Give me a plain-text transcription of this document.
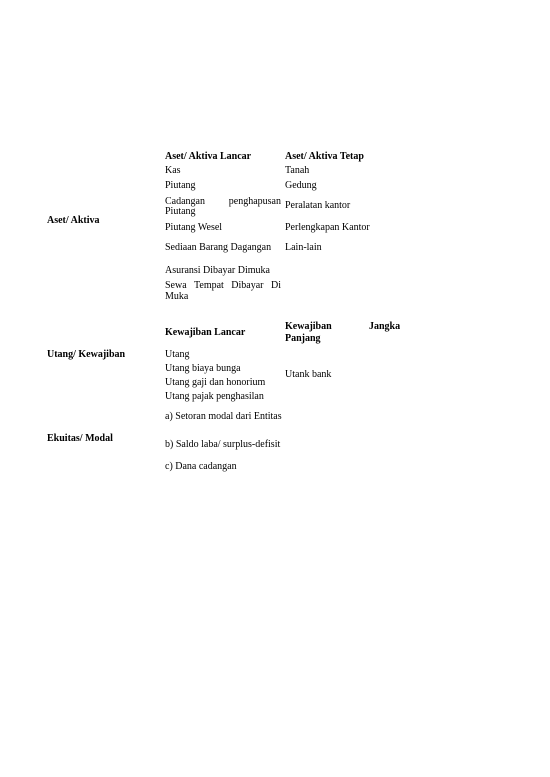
Aset/ Aktiva
Aset/ Aktiva Lancar	Aset/ Aktiva Tetap
Kas
Piutang
Cadangan penghapusan
Piutang
Piutang Wesel
Sediaan Barang Dagangan
Asuransi Dibayar Dimuka
Sewa Tempat Dibayar Di
Muka
Tanah
Gedung
Peralatan kantor
Perlengkapan Kantor
Lain-lain
Utang/ Kewajiban
Kewajiban Lancar
Kewajiban	Jangka
Panjang
Utang
Utang biaya bunga
Utang gaji dan honorium
Utang pajak penghasilan
Utank bank
Ekuitas/ Modal
a) Setoran modal dari Entitas
b) Saldo laba/ surplus-defisit
c) Dana cadangan
